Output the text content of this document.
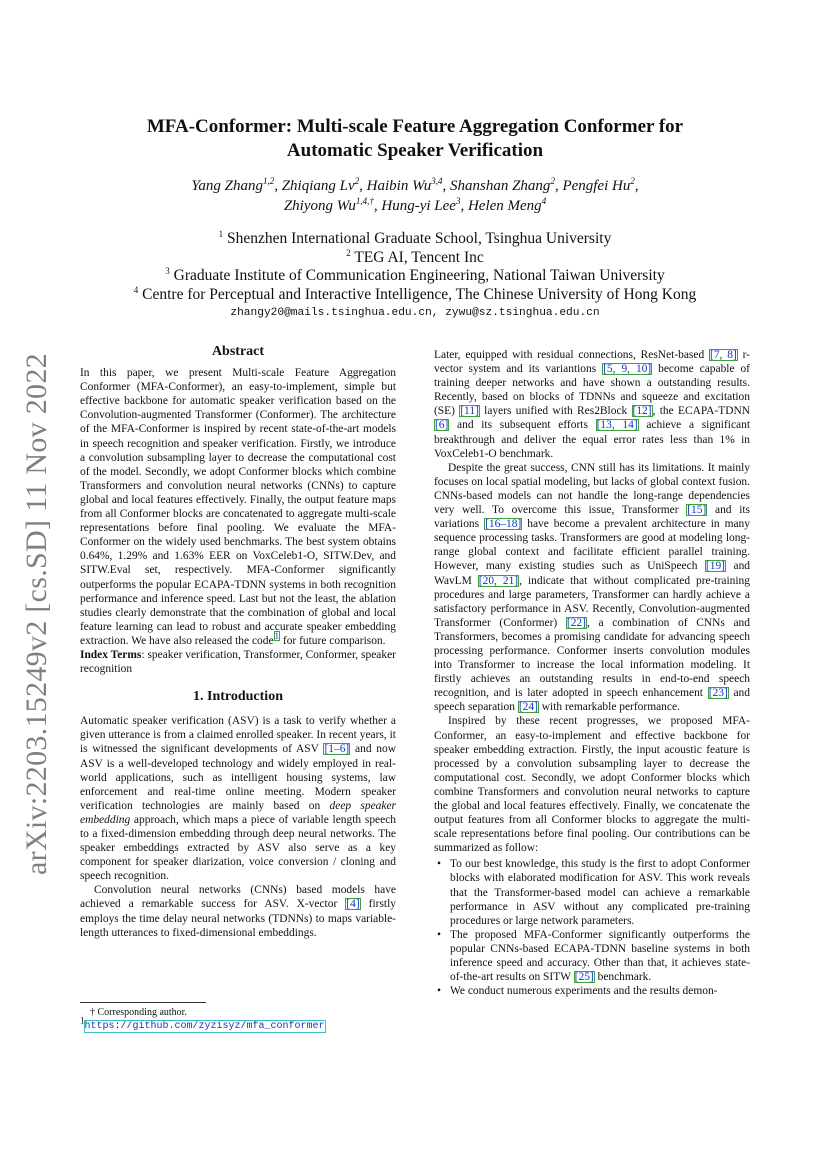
arXiv:2203.15249v2 [cs.SD] 11 Nov 2022
MFA-Conformer: Multi-scale Feature Aggregation Conformer for
Automatic Speaker Verification
Yang Zhang$^{1,2}$, Zhiqiang Lv$^2$, Haibin Wu$^{3,4}$, Shanshan Zhang$^2$, Pengfei Hu$^2$,
Zhiyong $Wu^{1,4,\dagger}$, Hung-yi Lee$^3$, Helen Meng$^4$
$^1$ Shenzhen International Graduate School, Tsinghua University
$^2$ TEG AI, Tencent Inc
$^3$ Graduate Institute of Communication Engineering, National Taiwan University
$^4$ Centre for Perceptual and Interactive Intelligence, The Chinese University of Hong Kong
zhangy20@mails.tsinghua.edu.cn, zywu@sz.tsinghua.edu.cn
Abstract

In this paper, we present Multi-scale Feature Aggregation Conformer (MFA-Conformer), an easy-to-implement, simple but effective backbone for automatic speaker verification based on the Convolution-augmented Transformer (Conformer). The architecture of the MFA-Conformer is inspired by recent state-of-the-art models in speech recognition and speaker verification. Firstly, we introduce a convolution subsampling layer to decrease the computational cost of the model. Secondly, we adopt Conformer blocks which combine Transformers and convolution neural networks (CNNs) to capture global and local features effectively. Finally, the output feature maps from all Conformer blocks are concatenated to aggregate multi-scale representations before final pooling. We evaluate the MFA-Conformer on the widely used benchmarks. The best system obtains 0.64%, 1.29% and 1.63% EER on VoxCeleb1-O, SITW.Dev, and SITW.Eval set, respectively. MFA-Conformer significantly outperforms the popular ECAPA-TDNN systems in both recognition performance and inference speed. Last but not the least, the ablation studies clearly demonstrate that the combination of global and local feature learning can lead to robust and accurate speaker embedding extraction. We have also released the code$^1$ for future comparison.

Index Terms: speaker verification, Transformer, Conformer, speaker recognition

1. Introduction

Automatic speaker verification (ASV) is a task to verify whether a given utterance is from a claimed enrolled speaker. In recent years, it is witnessed the significant developments of ASV [1–6] and now ASV is a well-developed technology and widely employed in real-world applications, such as intelligent housing systems, law enforcement and real-time online meeting. Modern speaker verification technologies are mainly based on deep speaker embedding approach, which maps a piece of variable length speech to a fixed-dimension embedding through deep neural networks. The speaker embeddings extracted by ASV also serve as a key component for speaker diarization, voice conversion / cloning and speech recognition.

Convolution neural networks (CNNs) based models have achieved a remarkable success for ASV. X-vector [4] firstly employs the time delay neural networks (TDNNs) to maps variable-length utterances to fixed-dimensional embeddings.

† Corresponding author.
$^1$https://github.com/zyzisyz/mfa_conformer

Later, equipped with residual connections, ResNet-based [7, 8] r-vector system and its variantions [5, 9, 10] become capable of training deeper networks and have shown a outstanding results. Recently, based on blocks of TDNNs and squeeze and excitation (SE) [11] layers unified with Res2Block [12], the ECAPA-TDNN [6] and its subsequent efforts [13, 14] achieve a significant breakthrough and deliver the equal error rates less than 1% in VoxCeleb1-O benchmark.

Despite the great success, CNN still has its limitations. It mainly focuses on local spatial modeling, but lacks of global context fusion. CNNs-based models can not handle the long-range dependencies very well. To overcome this issue, Transformer [15] and its variations [16–18] have become a prevalent architecture in many sequence processing tasks. Transformers are good at modeling long-range global context and facilitate efficient parallel training. However, many existing studies such as UniSpeech [19] and WavLM [20, 21], indicate that without complicated pre-training procedures and large parameters, Transformer can hardly achieve a satisfactory performance in ASV. Recently, Convolution-augmented Transformer (Conformer) [22], a combination of CNNs and Transformers, becomes a promising candidate for advancing speech processing performance. Conformer inserts convolution modules into Transformer to increase the local information modeling. It firstly achieves an outstanding results in end-to-end speech recognition, and is later adopted in speech enhancement [23] and speech separation [24] with remarkable performance.

Inspired by these recent progresses, we proposed MFA-Conformer, an easy-to-implement and effective backbone for speaker embedding extraction. Firstly, the input acoustic feature is processed by a convolution subsampling layer to decrease the computational cost. Secondly, we adopt Conformer blocks which combine Transformers and convolution neural networks to capture the global and local features effectively. Finally, we concatenate the output features from all Conformer blocks to aggregate the multi-scale representations before final pooling. Our contributions can be summarized as follow:

• To our best knowledge, this study is the first to adopt Conformer blocks with elaborated modification for ASV. This work reveals that the Transformer-based model can achieve a remarkable performance in ASV without any complicated pre-training procedures or large network parameters.
• The proposed MFA-Conformer significantly outperforms the popular CNNs-based ECAPA-TDNN baseline systems in both inference speed and accuracy. Other than that, it achieves state-of-the-art results on SITW [25] benchmark.
• We conduct numerous experiments and the results demon-
